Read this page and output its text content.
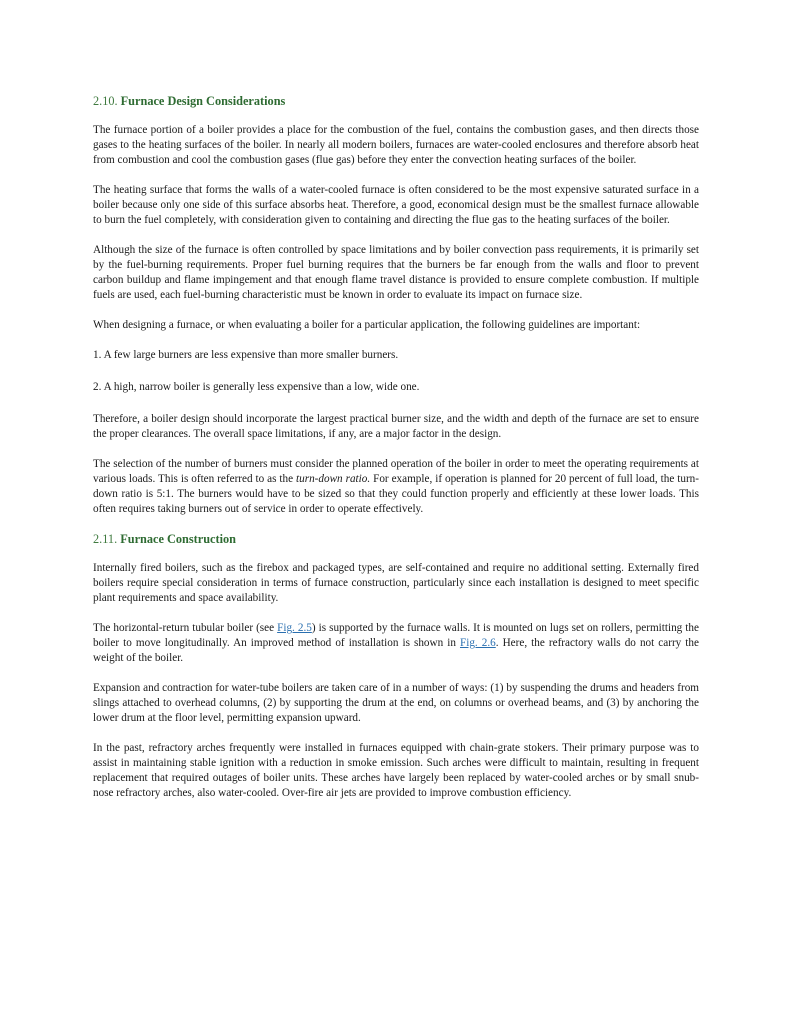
2.10. Furnace Design Considerations

The furnace portion of a boiler provides a place for the combustion of the fuel, contains the combustion gases, and then directs those gases to the heating surfaces of the boiler. In nearly all modern boilers, furnaces are water-cooled enclosures and therefore absorb heat from combustion and cool the combustion gases (flue gas) before they enter the convection heating surfaces of the boiler.

The heating surface that forms the walls of a water-cooled furnace is often considered to be the most expensive saturated surface in a boiler because only one side of this surface absorbs heat. Therefore, a good, economical design must be the smallest furnace allowable to burn the fuel completely, with consideration given to containing and directing the flue gas to the heating surfaces of the boiler.

Although the size of the furnace is often controlled by space limitations and by boiler convection pass requirements, it is primarily set by the fuel-burning requirements. Proper fuel burning requires that the burners be far enough from the walls and floor to prevent carbon buildup and flame impingement and that enough flame travel distance is provided to ensure complete combustion. If multiple fuels are used, each fuel-burning characteristic must be known in order to evaluate its impact on furnace size.

When designing a furnace, or when evaluating a boiler for a particular application, the following guidelines are important:

1. A few large burners are less expensive than more smaller burners.

2. A high, narrow boiler is generally less expensive than a low, wide one.

Therefore, a boiler design should incorporate the largest practical burner size, and the width and depth of the furnace are set to ensure the proper clearances. The overall space limitations, if any, are a major factor in the design.

The selection of the number of burners must consider the planned operation of the boiler in order to meet the operating requirements at various loads. This is often referred to as the turn-down ratio. For example, if operation is planned for 20 percent of full load, the turn-down ratio is 5:1. The burners would have to be sized so that they could function properly and efficiently at these lower loads. This often requires taking burners out of service in order to operate effectively.

2.11. Furnace Construction

Internally fired boilers, such as the firebox and packaged types, are self-contained and require no additional setting. Externally fired boilers require special consideration in terms of furnace construction, particularly since each installation is designed to meet specific plant requirements and space availability.

The horizontal-return tubular boiler (see Fig. 2.5) is supported by the furnace walls. It is mounted on lugs set on rollers, permitting the boiler to move longitudinally. An improved method of installation is shown in Fig. 2.6. Here, the refractory walls do not carry the weight of the boiler.

Expansion and contraction for water-tube boilers are taken care of in a number of ways: (1) by suspending the drums and headers from slings attached to overhead columns, (2) by supporting the drum at the end, on columns or overhead beams, and (3) by anchoring the lower drum at the floor level, permitting expansion upward.

In the past, refractory arches frequently were installed in furnaces equipped with chain-grate stokers. Their primary purpose was to assist in maintaining stable ignition with a reduction in smoke emission. Such arches were difficult to maintain, resulting in frequent replacement that required outages of boiler units. These arches have largely been replaced by water-cooled arches or by small snub-nose refractory arches, also water-cooled. Over-fire air jets are provided to improve combustion efficiency.
